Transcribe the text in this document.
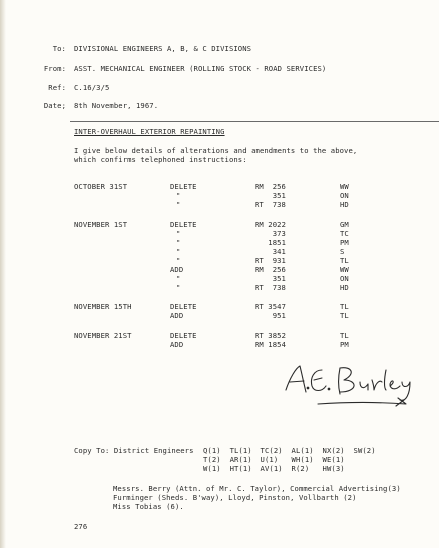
To: DIVISIONAL ENGINEERS A, B, & C DIVISIONS
From: ASST. MECHANICAL ENGINEER (ROLLING STOCK - ROAD SERVICES)
Ref: C.16/3/5
Date; 8th November, 1967.
INTER-OVERHAUL EXTERIOR REPAINTING
I give below details of alterations and amendments to the above,
which confirms telephoned instructions:
OCTOBER 31ST	DELETE	RM	256	WW
"	351	ON
"	RT	738	HD
NOVEMBER 1ST	DELETE	RM 2022	GM
"	373	TC
"	1851	PM
"	341	S
"	RT	931	TL
ADD	RM	256	WW
"	351	ON
"	RT	738	HD
NOVEMBER 15TH	DELETE	RT 3547	TL
ADD	951	TL
NOVEMBER 21ST	DELETE	RT 3852	TL
ADD	RM 1854	PM
Copy To: District Engineers Q(1)  TL(1)  TC(2)  AL(1)  NX(2)  SW(2)
T(2)  AR(1)  U(1)   WH(1)  WE(1)
W(1)  HT(1)  AV(1)  R(2)   HW(3)
Messrs. Berry (Attn. of Mr. C. Taylor), Commercial Advertising(3)
Furminger (Sheds. B'way), Lloyd, Pinston, Vollbarth (2)
Miss Tobias (6).
276
